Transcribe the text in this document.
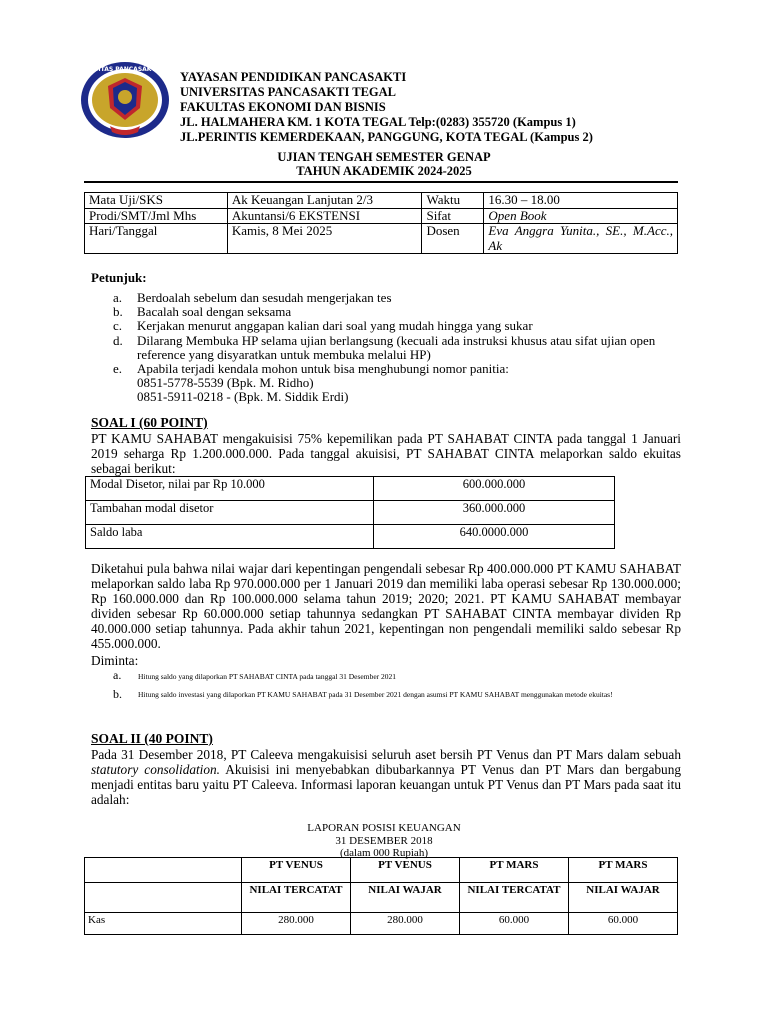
UNIVERSITAS PANCASAKTI TEGAL
YAYASAN PENDIDIKAN PANCASAKTI
UNIVERSITAS PANCASAKTI TEGAL
FAKULTAS EKONOMI DAN BISNIS
JL. HALMAHERA KM. 1 KOTA TEGAL Telp:(0283) 355720 (Kampus 1)
JL.PERINTIS KEMERDEKAAN, PANGGUNG, KOTA TEGAL (Kampus 2)
UJIAN TENGAH SEMESTER GENAP
TAHUN AKADEMIK 2024-2025
Mata Uji/SKS	Ak Keuangan Lanjutan 2/3	Waktu	16.30 – 18.00
Prodi/SMT/Jml Mhs	Akuntansi/6 EKSTENSI	Sifat	Open Book
Hari/Tanggal	Kamis, 8 Mei 2025	Dosen	Eva Anggra Yunita., SE., M.Acc., Ak
Petunjuk:
a.	Berdoalah sebelum dan sesudah mengerjakan tes
b.	Bacalah soal dengan seksama
c.	Kerjakan menurut anggapan kalian dari soal yang mudah hingga yang sukar
d.	Dilarang Membuka HP selama ujian berlangsung (kecuali ada instruksi khusus atau sifat ujian open reference yang disyaratkan untuk membuka melalui HP)
e.	Apabila terjadi kendala mohon untuk bisa menghubungi nomor panitia:
0851-5778-5539 (Bpk. M. Ridho)
0851-5911-0218 - (Bpk. M. Siddik Erdi)
SOAL I (60 POINT)
PT KAMU SAHABAT mengakuisisi 75% kepemilikan pada PT SAHABAT CINTA pada tanggal 1 Januari 2019 seharga Rp 1.200.000.000. Pada tanggal akuisisi, PT SAHABAT CINTA melaporkan saldo ekuitas sebagai berikut:
Modal Disetor, nilai par Rp 10.000	600.000.000
Tambahan modal disetor	360.000.000
Saldo laba	640.0000.000
Diketahui pula bahwa nilai wajar dari kepentingan pengendali sebesar Rp 400.000.000 PT KAMU SAHABAT melaporkan saldo laba Rp 970.000.000 per 1 Januari 2019 dan memiliki laba operasi sebesar Rp 130.000.000; Rp 160.000.000 dan Rp 100.000.000 selama tahun 2019; 2020; 2021. PT KAMU SAHABAT membayar dividen sebesar Rp 60.000.000 setiap tahunnya sedangkan PT SAHABAT CINTA membayar dividen Rp 40.000.000 setiap tahunnya. Pada akhir tahun 2021, kepentingan non pengendali memiliki saldo sebesar Rp 455.000.000.
Diminta:
a.	Hitung saldo yang dilaporkan PT SAHABAT CINTA pada tanggal 31 Desember 2021
b.	Hitung saldo investasi yang dilaporkan PT KAMU SAHABAT pada 31 Desember 2021 dengan asumsi PT KAMU SAHABAT menggunakan metode ekuitas!
SOAL II (40 POINT)
Pada 31 Desember 2018, PT Caleeva mengakuisisi seluruh aset bersih PT Venus dan PT Mars dalam sebuah statutory consolidation. Akuisisi ini menyebabkan dibubarkannya PT Venus dan PT Mars dan bergabung menjadi entitas baru yaitu PT Caleeva. Informasi laporan keuangan untuk PT Venus dan PT Mars pada saat itu adalah:
LAPORAN POSISI KEUANGAN
31 DESEMBER 2018
(dalam 000 Rupiah)
	PT VENUS	PT VENUS	PT MARS	PT MARS
	NILAI TERCATAT	NILAI WAJAR	NILAI TERCATAT	NILAI WAJAR
Kas	280.000	280.000	60.000	60.000
